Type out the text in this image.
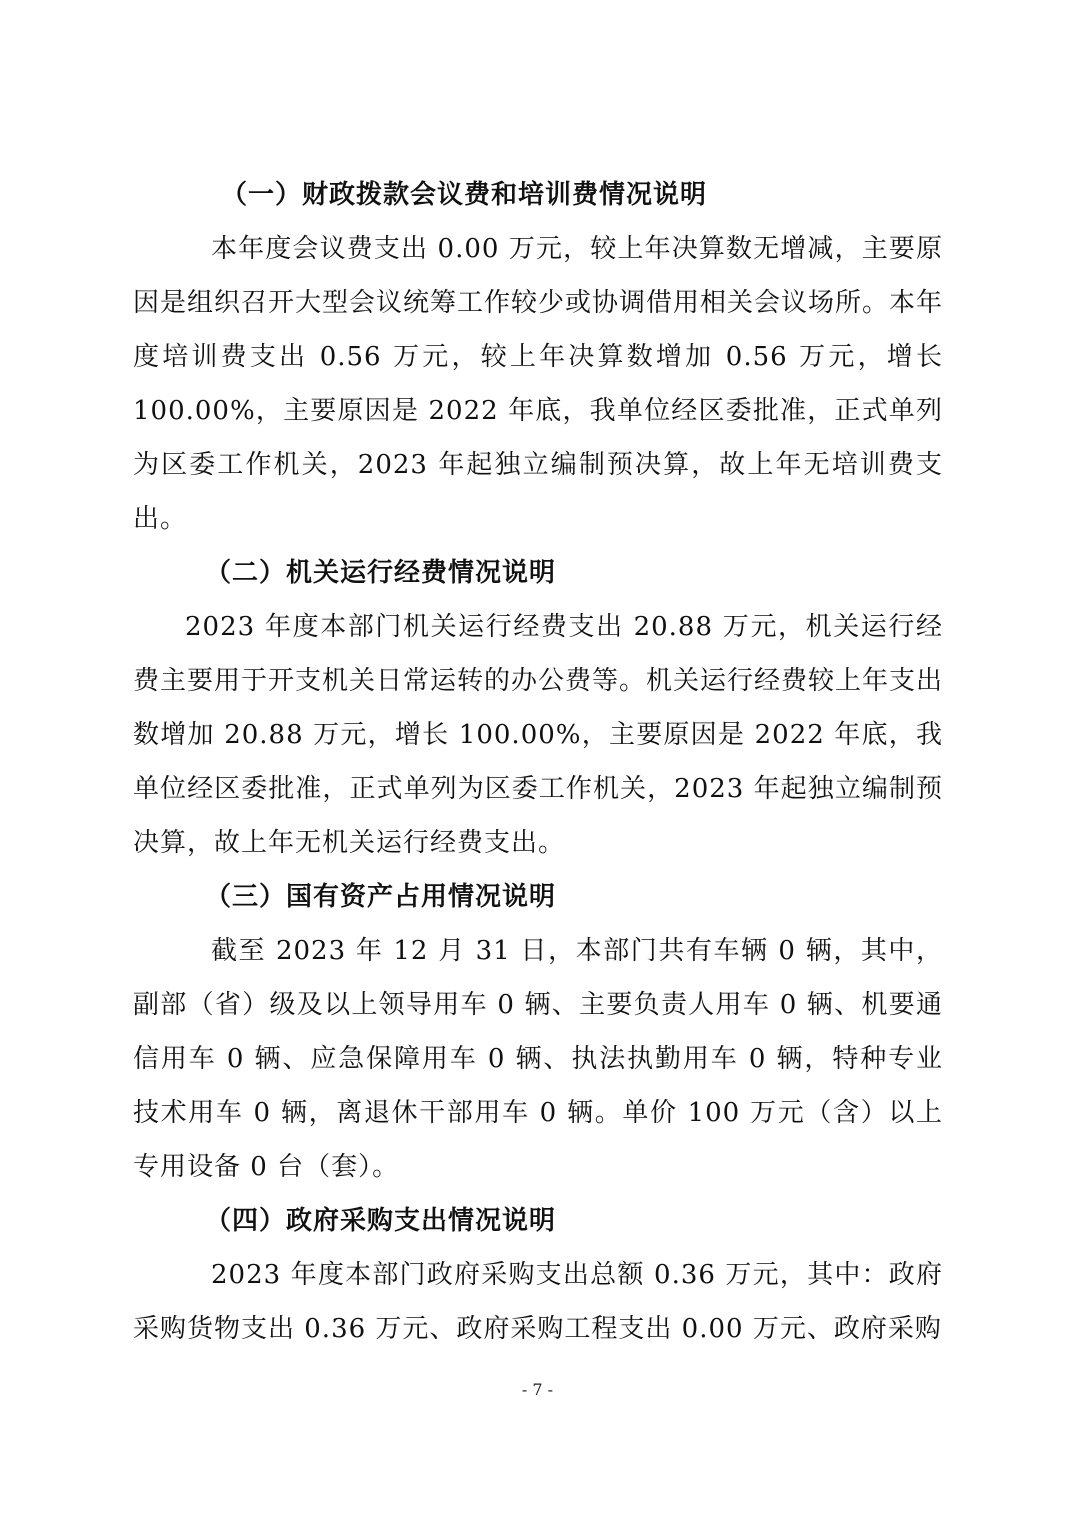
（一）财政拨款会议费和培训费情况说明

本年度会议费支出 0.00 万元，较上年决算数无增减，主要原因是组织召开大型会议统筹工作较少或协调借用相关会议场所。本年度培训费支出 0.56 万元，较上年决算数增加 0.56 万元，增长 100.00%，主要原因是 2022 年底，我单位经区委批准，正式单列为区委工作机关，2023 年起独立编制预决算，故上年无培训费支出。

（二）机关运行经费情况说明

2023 年度本部门机关运行经费支出 20.88 万元，机关运行经费主要用于开支机关日常运转的办公费等。机关运行经费较上年支出数增加 20.88 万元，增长 100.00%，主要原因是 2022 年底，我单位经区委批准，正式单列为区委工作机关，2023 年起独立编制预决算，故上年无机关运行经费支出。

（三）国有资产占用情况说明

截至 2023 年 12 月 31 日，本部门共有车辆 0 辆，其中，副部（省）级及以上领导用车 0 辆、主要负责人用车 0 辆、机要通信用车 0 辆、应急保障用车 0 辆、执法执勤用车 0 辆，特种专业技术用车 0 辆，离退休干部用车 0 辆。单价 100 万元（含）以上专用设备 0 台（套）。

（四）政府采购支出情况说明

2023 年度本部门政府采购支出总额 0.36 万元，其中：政府采购货物支出 0.36 万元、政府采购工程支出 0.00 万元、政府采购

- 7 -
